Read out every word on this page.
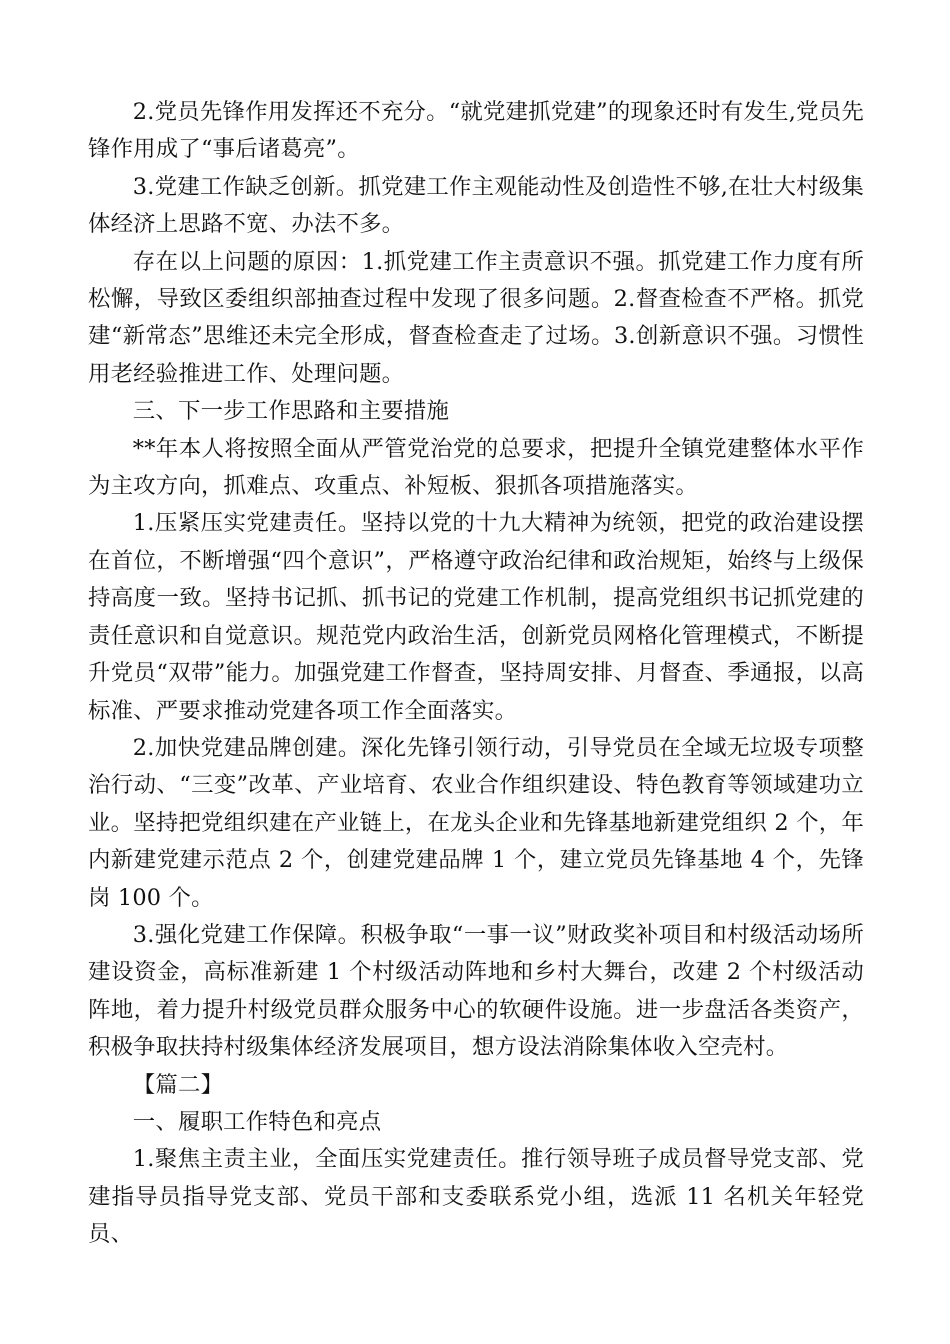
2.党员先锋作用发挥还不充分。“就党建抓党建”的现象还时有发生,党员先锋作用成了“事后诸葛亮”。

3.党建工作缺乏创新。抓党建工作主观能动性及创造性不够,在壮大村级集体经济上思路不宽、办法不多。

存在以上问题的原因：1.抓党建工作主责意识不强。抓党建工作力度有所松懈，导致区委组织部抽查过程中发现了很多问题。2.督查检查不严格。抓党建“新常态”思维还未完全形成，督查检查走了过场。3.创新意识不强。习惯性用老经验推进工作、处理问题。

三、下一步工作思路和主要措施

**年本人将按照全面从严管党治党的总要求，把提升全镇党建整体水平作为主攻方向，抓难点、攻重点、补短板、狠抓各项措施落实。

1.压紧压实党建责任。坚持以党的十九大精神为统领，把党的政治建设摆在首位，不断增强“四个意识”，严格遵守政治纪律和政治规矩，始终与上级保持高度一致。坚持书记抓、抓书记的党建工作机制，提高党组织书记抓党建的责任意识和自觉意识。规范党内政治生活，创新党员网格化管理模式，不断提升党员“双带”能力。加强党建工作督查，坚持周安排、月督查、季通报，以高标准、严要求推动党建各项工作全面落实。

2.加快党建品牌创建。深化先锋引领行动，引导党员在全域无垃圾专项整治行动、“三变”改革、产业培育、农业合作组织建设、特色教育等领域建功立业。坚持把党组织建在产业链上，在龙头企业和先锋基地新建党组织 2 个，年内新建党建示范点 2 个，创建党建品牌 1 个，建立党员先锋基地 4 个，先锋岗 100 个。

3.强化党建工作保障。积极争取“一事一议”财政奖补项目和村级活动场所建设资金，高标准新建 1 个村级活动阵地和乡村大舞台，改建 2 个村级活动阵地，着力提升村级党员群众服务中心的软硬件设施。进一步盘活各类资产，积极争取扶持村级集体经济发展项目，想方设法消除集体收入空壳村。

【篇二】

一、履职工作特色和亮点

1.聚焦主责主业，全面压实党建责任。推行领导班子成员督导党支部、党建指导员指导党支部、党员干部和支委联系党小组，选派 11 名机关年轻党员、
